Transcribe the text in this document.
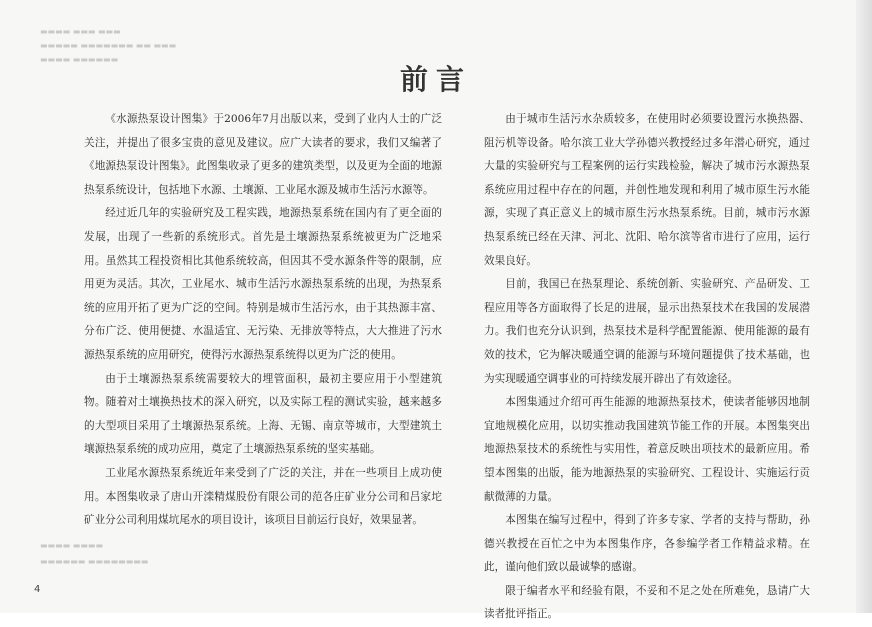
▬▬▬▬ ▬▬▬ ▬▬▬
▬▬▬▬▬ ▬▬▬▬▬▬▬ ▬▬ ▬▬▬
▬▬▬▬ ▬▬▬▬▬▬
▬▬▬▬ ▬▬▬▬
▬▬▬▬▬▬ ▬▬▬▬▬▬▬▬
前言

《水源热泵设计图集》于2006年7月出版以来，受到了业内人士的广泛关注，并提出了很多宝贵的意见及建议。应广大读者的要求，我们又编著了《地源热泵设计图集》。此图集收录了更多的建筑类型，以及更为全面的地源热泵系统设计，包括地下水源、土壤源、工业尾水源及城市生活污水源等。

经过近几年的实验研究及工程实践，地源热泵系统在国内有了更全面的发展，出现了一些新的系统形式。首先是土壤源热泵系统被更为广泛地采用。虽然其工程投资相比其他系统较高，但因其不受水源条件等的限制，应用更为灵活。其次，工业尾水、城市生活污水源热泵系统的出现，为热泵系统的应用开拓了更为广泛的空间。特别是城市生活污水，由于其热源丰富、分布广泛、使用便捷、水温适宜、无污染、无排放等特点，大大推进了污水源热泵系统的应用研究，使得污水源热泵系统得以更为广泛的使用。

由于土壤源热泵系统需要较大的埋管面积，最初主要应用于小型建筑物。随着对土壤换热技术的深入研究，以及实际工程的测试实验，越来越多的大型项目采用了土壤源热泵系统。上海、无锡、南京等城市，大型建筑土壤源热泵系统的成功应用，奠定了土壤源热泵系统的坚实基础。

工业尾水源热泵系统近年来受到了广泛的关注，并在一些项目上成功使用。本图集收录了唐山开滦精煤股份有限公司的范各庄矿业分公司和吕家坨矿业分公司利用煤坑尾水的项目设计，该项目目前运行良好，效果显著。

由于城市生活污水杂质较多，在使用时必须要设置污水换热器、阻污机等设备。哈尔滨工业大学孙德兴教授经过多年潜心研究，通过大量的实验研究与工程案例的运行实践检验，解决了城市污水源热泵系统应用过程中存在的问题，并创性地发现和利用了城市原生污水能源，实现了真正意义上的城市原生污水热泵系统。目前，城市污水源热泵系统已经在天津、河北、沈阳、哈尔滨等省市进行了应用，运行效果良好。

目前，我国已在热泵理论、系统创新、实验研究、产品研发、工程应用等各方面取得了长足的进展，显示出热泵技术在我国的发展潜力。我们也充分认识到，热泵技术是科学配置能源、使用能源的最有效的技术，它为解决暖通空调的能源与环境问题提供了技术基础，也为实现暖通空调事业的可持续发展开辟出了有效途径。

本图集通过介绍可再生能源的地源热泵技术，使读者能够因地制宜地规模化应用，以切实推动我国建筑节能工作的开展。本图集突出地源热泵技术的系统性与实用性，着意反映出项技术的最新应用。希望本图集的出版，能为地源热泵的实验研究、工程设计、实施运行贡献微薄的力量。

本图集在编写过程中，得到了许多专家、学者的支持与帮助，孙德兴教授在百忙之中为本图集作序，各参编学者工作精益求精。在此，谨向他们致以最诚挚的感谢。

限于编者水平和经验有限，不妥和不足之处在所难免，恳请广大读者批评指正。

4
